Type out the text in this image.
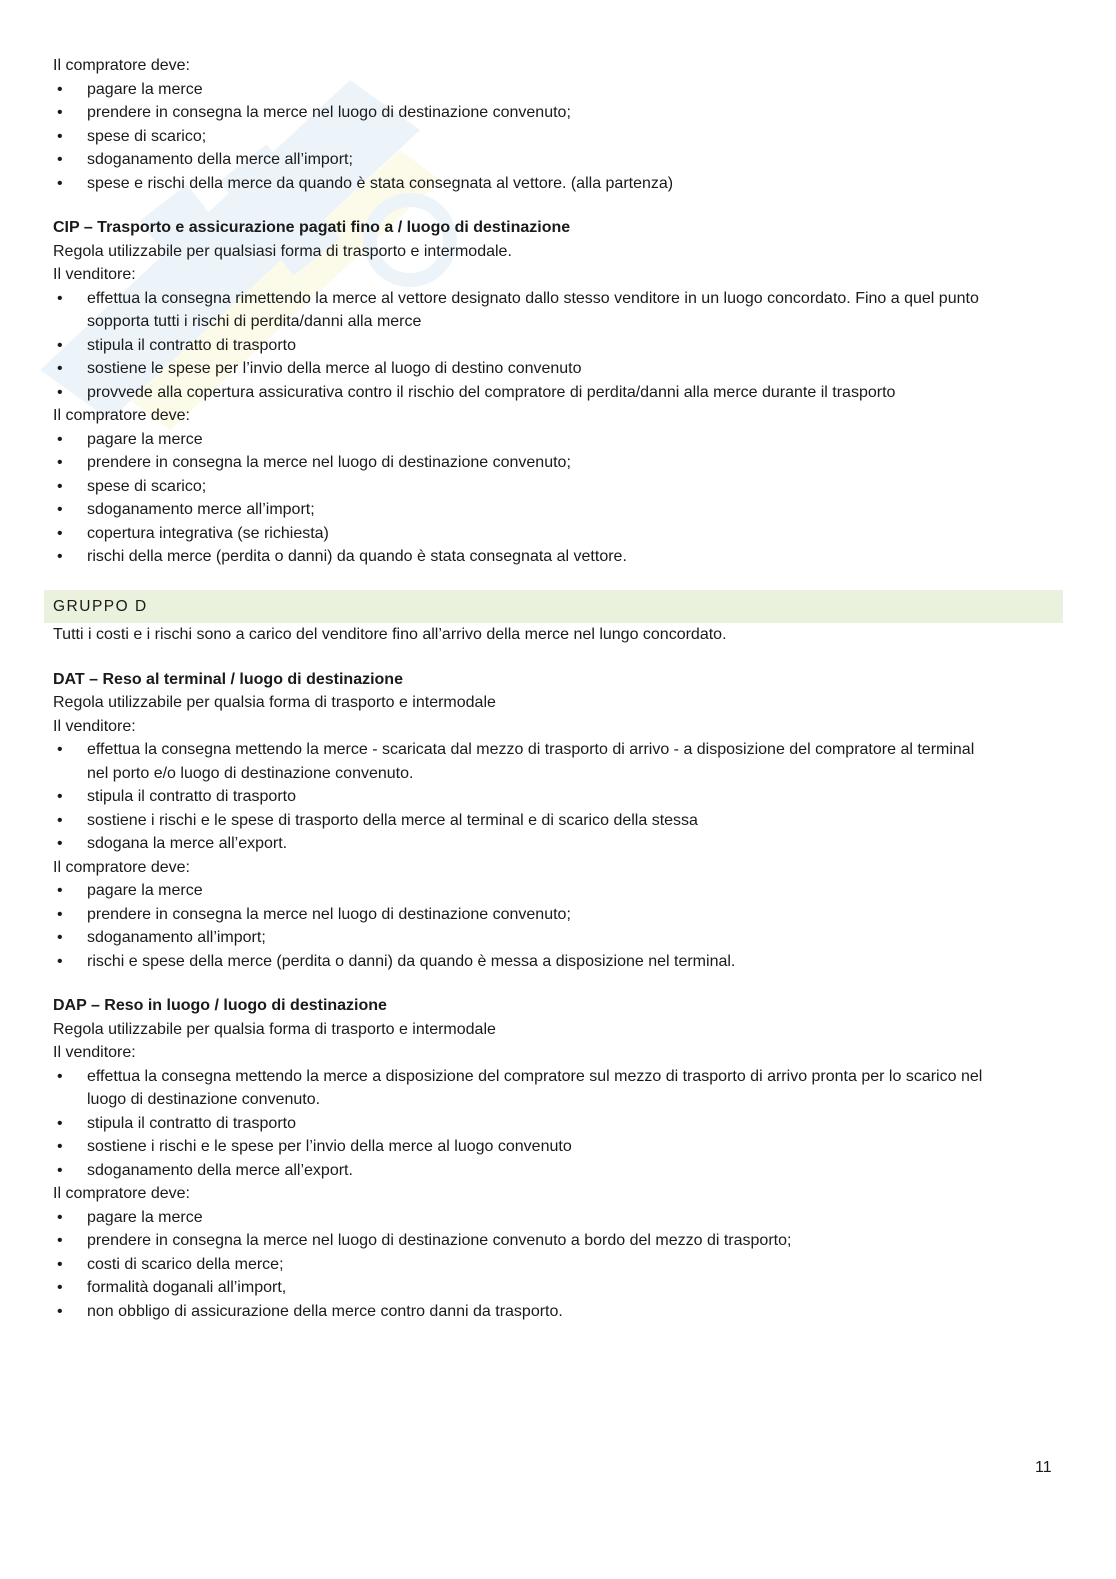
Il compratore deve:

• pagare la merce
• prendere in consegna la merce nel luogo di destinazione convenuto;
• spese di scarico;
• sdoganamento della merce all’import;
• spese e rischi della merce da quando è stata consegnata al vettore. (alla partenza)

CIP – Trasporto e assicurazione pagati fino a / luogo di destinazione

Regola utilizzabile per qualsiasi forma di trasporto e intermodale.

Il venditore:

• effettua la consegna rimettendo la merce al vettore designato dallo stesso venditore in un luogo concordato. Fino a quel punto
sopporta tutti i rischi di perdita/danni alla merce
• stipula il contratto di trasporto
• sostiene le spese per l’invio della merce al luogo di destino convenuto
• provvede alla copertura assicurativa contro il rischio del compratore di perdita/danni alla merce durante il trasporto

Il compratore deve:

• pagare la merce
• prendere in consegna la merce nel luogo di destinazione convenuto;
• spese di scarico;
• sdoganamento merce all’import;
• copertura integrativa (se richiesta)
• rischi della merce (perdita o danni) da quando è stata consegnata al vettore.
GRUPPO D

Tutti i costi e i rischi sono a carico del venditore fino all’arrivo della merce nel lungo concordato.

DAT – Reso al terminal / luogo di destinazione

Regola utilizzabile per qualsia forma di trasporto e intermodale

Il venditore:

• effettua la consegna mettendo la merce - scaricata dal mezzo di trasporto di arrivo - a disposizione del compratore al terminal
nel porto e/o luogo di destinazione convenuto.
• stipula il contratto di trasporto
• sostiene i rischi e le spese di trasporto della merce al terminal e di scarico della stessa
• sdogana la merce all’export.

Il compratore deve:

• pagare la merce
• prendere in consegna la merce nel luogo di destinazione convenuto;
• sdoganamento all’import;
• rischi e spese della merce (perdita o danni) da quando è messa a disposizione nel terminal.

DAP – Reso in luogo / luogo di destinazione

Regola utilizzabile per qualsia forma di trasporto e intermodale

Il venditore:

• effettua la consegna mettendo la merce a disposizione del compratore sul mezzo di trasporto di arrivo pronta per lo scarico nel
luogo di destinazione convenuto.
• stipula il contratto di trasporto
• sostiene i rischi e le spese per l’invio della merce al luogo convenuto
• sdoganamento della merce all’export.

Il compratore deve:

• pagare la merce
• prendere in consegna la merce nel luogo di destinazione convenuto a bordo del mezzo di trasporto;
• costi di scarico della merce;
• formalità doganali all’import,
• non obbligo di assicurazione della merce contro danni da trasporto.
11
